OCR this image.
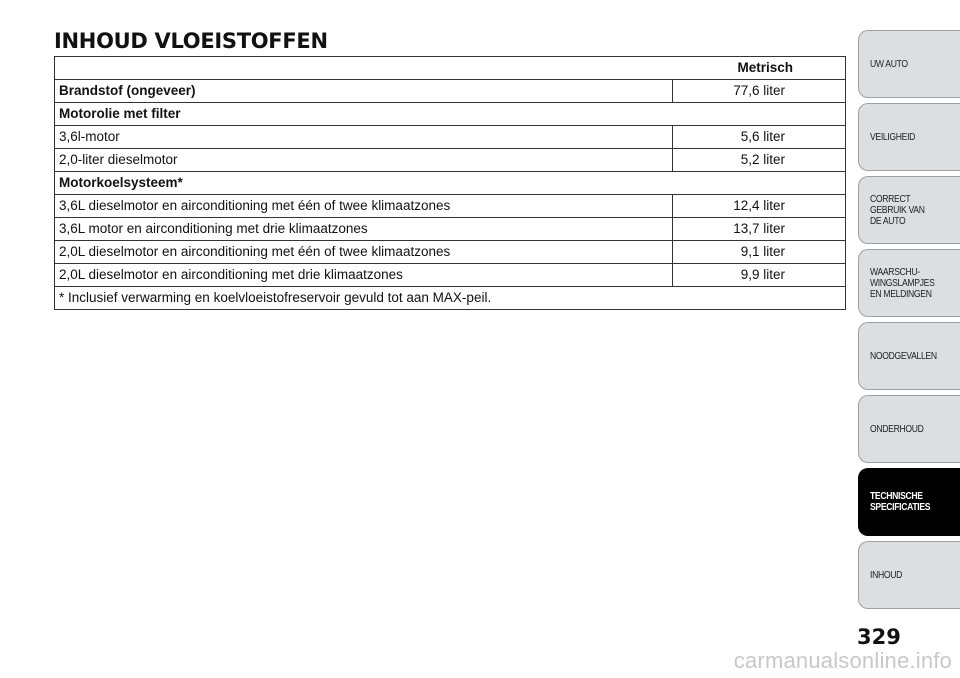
INHOUD VLOEISTOFFEN
Metrisch	
Brandstof (ongeveer)	77,6 liter
Motorolie met filter	
3,6l-motor	5,6 liter
2,0-liter dieselmotor	5,2 liter
Motorkoelsysteem*	
3,6L dieselmotor en airconditioning met één of twee klimaatzones	12,4 liter
3,6L motor en airconditioning met drie klimaatzones	13,7 liter
2,0L dieselmotor en airconditioning met één of twee klimaatzones	9,1 liter
2,0L dieselmotor en airconditioning met drie klimaatzones	9,9 liter
* Inclusief verwarming en koelvloeistofreservoir gevuld tot aan MAX-peil.	
UW AUTO
VEILIGHEID
CORRECT
GEBRUIK VAN
DE AUTO
WAARSCHU-
WINGSLAMPJES
EN MELDINGEN
NOODGEVALLEN
ONDERHOUD
TECHNISCHE
SPECIFICATIES
INHOUD
329
carmanualsonline.info
